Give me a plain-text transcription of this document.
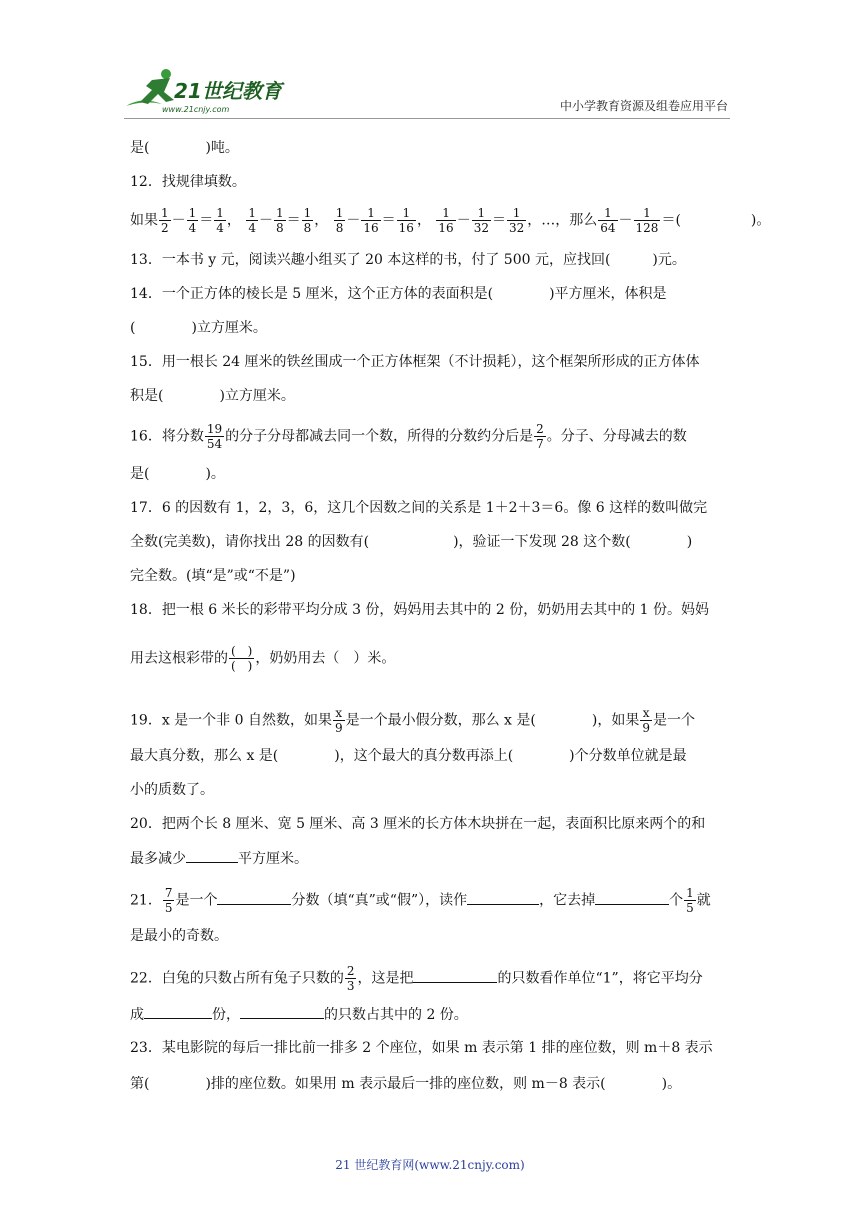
21世纪教育
www.21cnjy.com	中小学教育资源及组卷应用平台
是(　　　　)吨。
12．找规律填数。
如果 $\frac{1}{2} - \frac{1}{4} = \frac{1}{4}$ ， $\frac{1}{4} - \frac{1}{8} = \frac{1}{8}$ ， $\frac{1}{8} - \frac{1}{16} = \frac{1}{16}$ ， $\frac{1}{16} - \frac{1}{32} = \frac{1}{32}$ ，…，那么 $\frac{1}{64} - \frac{1}{128}$ ＝(　　　　　)。
13．一本书 y 元，阅读兴趣小组买了 20 本这样的书，付了 500 元，应找回(　　　)元。
14．一个正方体的棱长是 5 厘米，这个正方体的表面积是(　　　　)平方厘米，体积是
(　　　　)立方厘米。
15．用一根长 24 厘米的铁丝围成一个正方体框架（不计损耗），这个框架所形成的正方体体
积是(　　　　)立方厘米。
16．将分数 $\frac{19}{54}$ 的分子分母都减去同一个数，所得的分数约分后是 $\frac{2}{7}$ 。分子、分母减去的数
是(　　　　)。
17．6 的因数有 1，2，3，6，这几个因数之间的关系是 1＋2＋3＝6。像 6 这样的数叫做完
全数(完美数)，请你找出 28 的因数有(　　　　　　)，验证一下发现 28 这个数(　　　　)
完全数。(填“是”或“不是”)
18．把一根 6 米长的彩带平均分成 3 份，妈妈用去其中的 2 份，奶奶用去其中的 1 份。妈妈
用去这根彩带的 $\frac{( )}{( )}$ ，奶奶用去（　）米。
19．x 是一个非 0 自然数，如果 $\frac{x}{9}$ 是一个最小假分数，那么 x 是(　　　　)，如果 $\frac{x}{9}$ 是一个
最大真分数，那么 x 是(　　　　)，这个最大的真分数再添上(　　　　)个分数单位就是最
小的质数了。
20．把两个长 8 厘米、宽 5 厘米、高 3 厘米的长方体木块拼在一起，表面积比原来两个的和
最多减少	平方厘米。
21． $\frac{7}{5}$ 是一个	分数（填“真”或“假”），读作	，它去掉	个 $\frac{1}{5}$ 就
是最小的奇数。
22．白兔的只数占所有兔子只数的 $\frac{2}{3}$ ，这是把	的只数看作单位“1”，将它平均分
成	份，	的只数占其中的 2 份。
23．某电影院的每后一排比前一排多 2 个座位，如果 m 表示第 1 排的座位数，则 m＋8 表示
第(　　　　)排的座位数。如果用 m 表示最后一排的座位数，则 m－8 表示(　　　　)。
21 世纪教育网(www.21cnjy.com)
